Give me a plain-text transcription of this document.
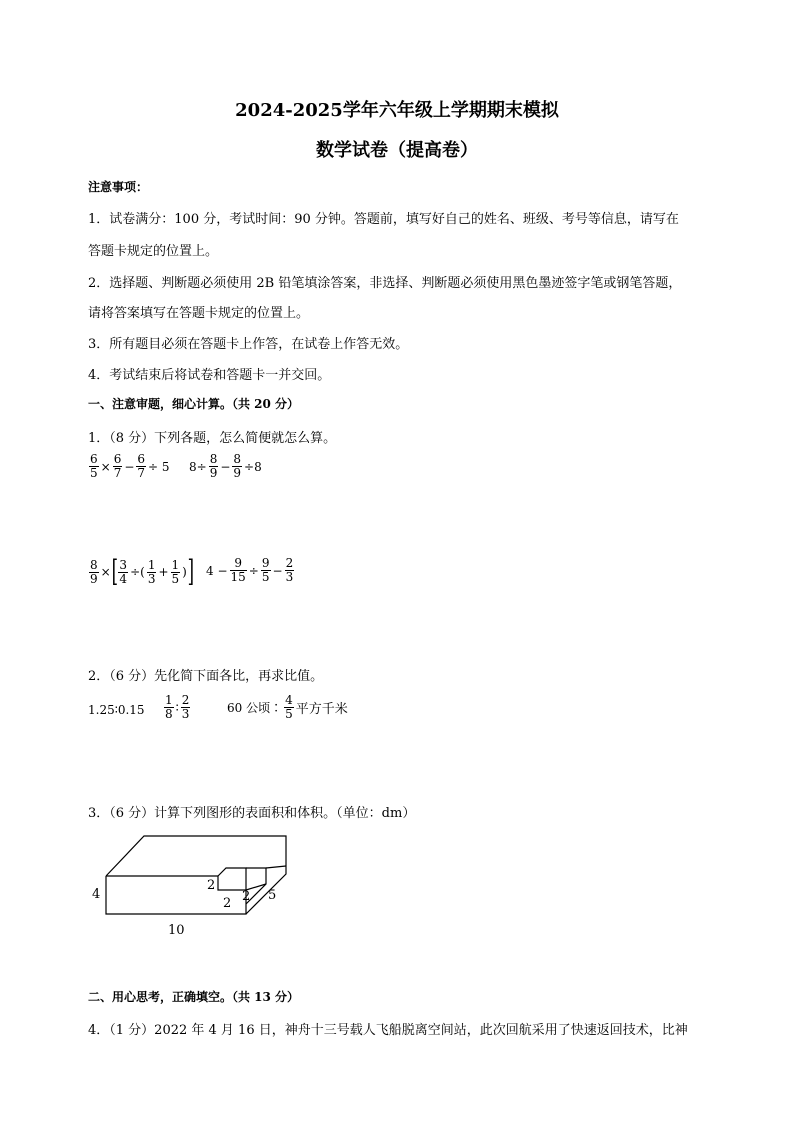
2024-2025学年六年级上学期期末模拟
数学试卷（提高卷）
注意事项：
1．试卷满分：100 分，考试时间：90 分钟。答题前，填写好自己的姓名、班级、考号等信息，请写在
答题卡规定的位置上。
2．选择题、判断题必须使用 2B 铅笔填涂答案，非选择、判断题必须使用黑色墨迹签字笔或钢笔答题，
请将答案填写在答题卡规定的位置上。
3．所有题目必须在答题卡上作答，在试卷上作答无效。
4．考试结束后将试卷和答题卡一并交回。
一、注意审题，细心计算。（共 20 分）
1．（8 分）下列各题，怎么简便就怎么算。
$\frac{6}{5} \times \frac{6}{7} - \frac{6}{7} \div 5$ $8\div \frac{8}{9} - \frac{8}{9} \div 8$
$\frac{8}{9}$ ×[ $\frac{3}{4}$ ÷( $\frac{1}{3} + \frac{1}{5}$ )] $4 - \frac{9}{15} \div \frac{9}{5} - \frac{2}{3}$
2．（6 分）先化简下面各比，再求比值。
1.25∶0.15 $\frac{1}{8}$ ∶ $\frac{2}{3}$	60 公顷∶ $\frac{4}{5}$ 平方千米
3．（6 分）计算下列图形的表面积和体积。（单位：dm）
4
10
5
2
2 2
二、用心思考，正确填空。（共 13 分）
4．（1 分）2022 年 4 月 16 日，神舟十三号载人飞船脱离空间站，此次回航采用了快速返回技术，比神
